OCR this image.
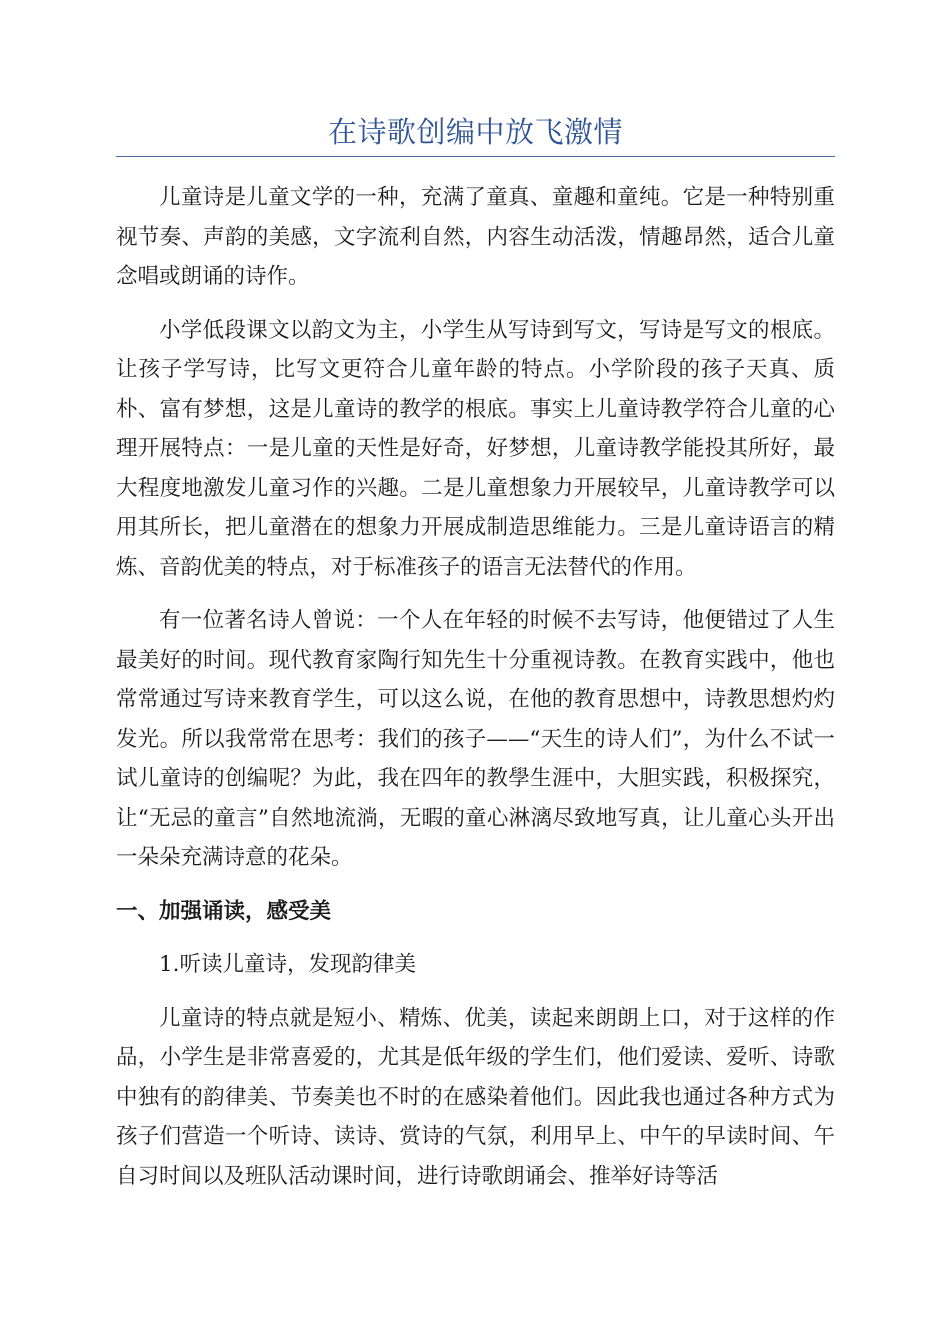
在诗歌创编中放飞激情

儿童诗是儿童文学的一种，充满了童真、童趣和童纯。它是一种特别重视节奏、声韵的美感，文字流利自然，内容生动活泼，情趣昂然，适合儿童念唱或朗诵的诗作。

小学低段课文以韵文为主，小学生从写诗到写文，写诗是写文的根底。让孩子学写诗，比写文更符合儿童年龄的特点。小学阶段的孩子天真、质朴、富有梦想，这是儿童诗的教学的根底。事实上儿童诗教学符合儿童的心理开展特点：一是儿童的天性是好奇，好梦想，儿童诗教学能投其所好，最大程度地激发儿童习作的兴趣。二是儿童想象力开展较早，儿童诗教学可以用其所长，把儿童潜在的想象力开展成制造思维能力。三是儿童诗语言的精炼、音韵优美的特点，对于标准孩子的语言无法替代的作用。

有一位著名诗人曾说：一个人在年轻的时候不去写诗，他便错过了人生最美好的时间。现代教育家陶行知先生十分重视诗教。在教育实践中，他也常常通过写诗来教育学生，可以这么说，在他的教育思想中，诗教思想灼灼发光。所以我常常在思考：我们的孩子——“天生的诗人们”，为什么不试一试儿童诗的创编呢？为此，我在四年的教學生涯中，大胆实践，积极探究，让“无忌的童言”自然地流淌，无暇的童心淋漓尽致地写真，让儿童心头开出一朵朵充满诗意的花朵。

一、加强诵读，感受美

1.听读儿童诗，发现韵律美

儿童诗的特点就是短小、精炼、优美，读起来朗朗上口，对于这样的作品，小学生是非常喜爱的，尤其是低年级的学生们，他们爱读、爱听、诗歌中独有的韵律美、节奏美也不时的在感染着他们。因此我也通过各种方式为孩子们营造一个听诗、读诗、赏诗的气氛，利用早上、中午的早读时间、午自习时间以及班队活动课时间，进行诗歌朗诵会、推举好诗等活
